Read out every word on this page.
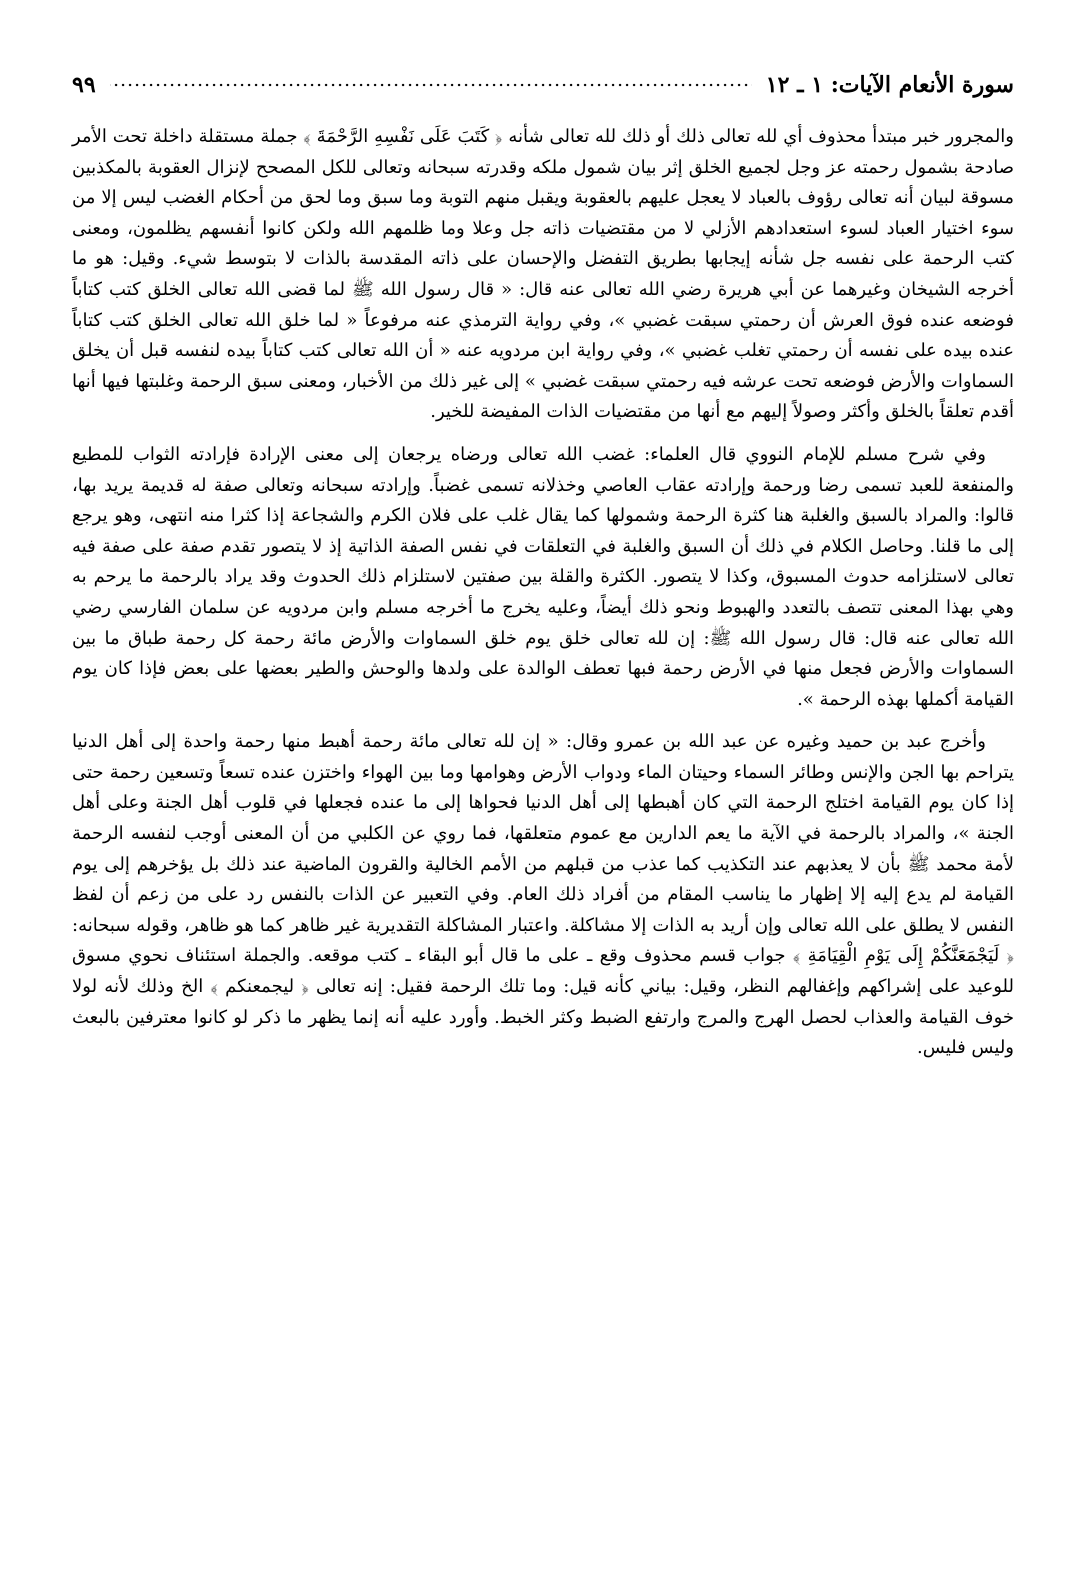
سورة الأنعام الآيات: ١ ـ ١٢
٩٩

والمجرور خبر مبتدأ محذوف أي لله تعالى ذلك أو ذلك لله تعالى شأنه ﴿ كَتَبَ عَلَى نَفْسِهِ الرَّحْمَةَ ﴾ جملة مستقلة داخلة تحت الأمر صادحة بشمول رحمته عز وجل لجميع الخلق إثر بيان شمول ملكه وقدرته سبحانه وتعالى للكل المصحح لإنزال العقوبة بالمكذبين مسوقة لبيان أنه تعالى رؤوف بالعباد لا يعجل عليهم بالعقوبة ويقبل منهم التوبة وما سبق وما لحق من أحكام الغضب ليس إلا من سوء اختيار العباد لسوء استعدادهم الأزلي لا من مقتضيات ذاته جل وعلا وما ظلمهم الله ولكن كانوا أنفسهم يظلمون، ومعنى كتب الرحمة على نفسه جل شأنه إيجابها بطريق التفضل والإحسان على ذاته المقدسة بالذات لا بتوسط شيء. وقيل: هو ما أخرجه الشيخان وغيرهما عن أبي هريرة رضي الله تعالى عنه قال: « قال رسول الله ﷺ لما قضى الله تعالى الخلق كتب كتاباً فوضعه عنده فوق العرش أن رحمتي سبقت غضبي »، وفي رواية الترمذي عنه مرفوعاً « لما خلق الله تعالى الخلق كتب كتاباً عنده بيده على نفسه أن رحمتي تغلب غضبي »، وفي رواية ابن مردويه عنه « أن الله تعالى كتب كتاباً بيده لنفسه قبل أن يخلق السماوات والأرض فوضعه تحت عرشه فيه رحمتي سبقت غضبي » إلى غير ذلك من الأخبار، ومعنى سبق الرحمة وغلبتها فيها أنها أقدم تعلقاً بالخلق وأكثر وصولاً إليهم مع أنها من مقتضيات الذات المفيضة للخير.

وفي شرح مسلم للإمام النووي قال العلماء: غضب الله تعالى ورضاه يرجعان إلى معنى الإرادة فإرادته الثواب للمطيع والمنفعة للعبد تسمى رضا ورحمة وإرادته عقاب العاصي وخذلانه تسمى غضباً. وإرادته سبحانه وتعالى صفة له قديمة يريد بها، قالوا: والمراد بالسبق والغلبة هنا كثرة الرحمة وشمولها كما يقال غلب على فلان الكرم والشجاعة إذا كثرا منه انتهى، وهو يرجع إلى ما قلنا. وحاصل الكلام في ذلك أن السبق والغلبة في التعلقات في نفس الصفة الذاتية إذ لا يتصور تقدم صفة على صفة فيه تعالى لاستلزامه حدوث المسبوق، وكذا لا يتصور. الكثرة والقلة بين صفتين لاستلزام ذلك الحدوث وقد يراد بالرحمة ما يرحم به وهي بهذا المعنى تتصف بالتعدد والهبوط ونحو ذلك أيضاً، وعليه يخرج ما أخرجه مسلم وابن مردويه عن سلمان الفارسي رضي الله تعالى عنه قال: قال رسول الله ﷺ: إن لله تعالى خلق يوم خلق السماوات والأرض مائة رحمة كل رحمة طباق ما بين السماوات والأرض فجعل منها في الأرض رحمة فبها تعطف الوالدة على ولدها والوحش والطير بعضها على بعض فإذا كان يوم القيامة أكملها بهذه الرحمة ».

وأخرج عبد بن حميد وغيره عن عبد الله بن عمرو وقال: « إن لله تعالى مائة رحمة أهبط منها رحمة واحدة إلى أهل الدنيا يتراحم بها الجن والإنس وطائر السماء وحيتان الماء ودواب الأرض وهوامها وما بين الهواء واختزن عنده تسعاً وتسعين رحمة حتى إذا كان يوم القيامة اختلج الرحمة التي كان أهبطها إلى أهل الدنيا فحواها إلى ما عنده فجعلها في قلوب أهل الجنة وعلى أهل الجنة »، والمراد بالرحمة في الآية ما يعم الدارين مع عموم متعلقها، فما روي عن الكلبي من أن المعنى أوجب لنفسه الرحمة لأمة محمد ﷺ بأن لا يعذبهم عند التكذيب كما عذب من قبلهم من الأمم الخالية والقرون الماضية عند ذلك بل يؤخرهم إلى يوم القيامة لم يدع إليه إلا إظهار ما يناسب المقام من أفراد ذلك العام. وفي التعبير عن الذات بالنفس رد على من زعم أن لفظ النفس لا يطلق على الله تعالى وإن أريد به الذات إلا مشاكلة. واعتبار المشاكلة التقديرية غير ظاهر كما هو ظاهر، وقوله سبحانه: ﴿ لَيَجْمَعَنَّكُمْ إِلَى يَوْمِ الْقِيَامَةِ ﴾ جواب قسم محذوف وقع ـ على ما قال أبو البقاء ـ كتب موقعه. والجملة استئناف نحوي مسوق للوعيد على إشراكهم وإغفالهم النظر، وقيل: بياني كأنه قيل: وما تلك الرحمة فقيل: إنه تعالى ﴿ ليجمعنكم ﴾ الخ وذلك لأنه لولا خوف القيامة والعذاب لحصل الهرج والمرج وارتفع الضبط وكثر الخبط. وأورد عليه أنه إنما يظهر ما ذكر لو كانوا معترفين بالبعث وليس فليس.
